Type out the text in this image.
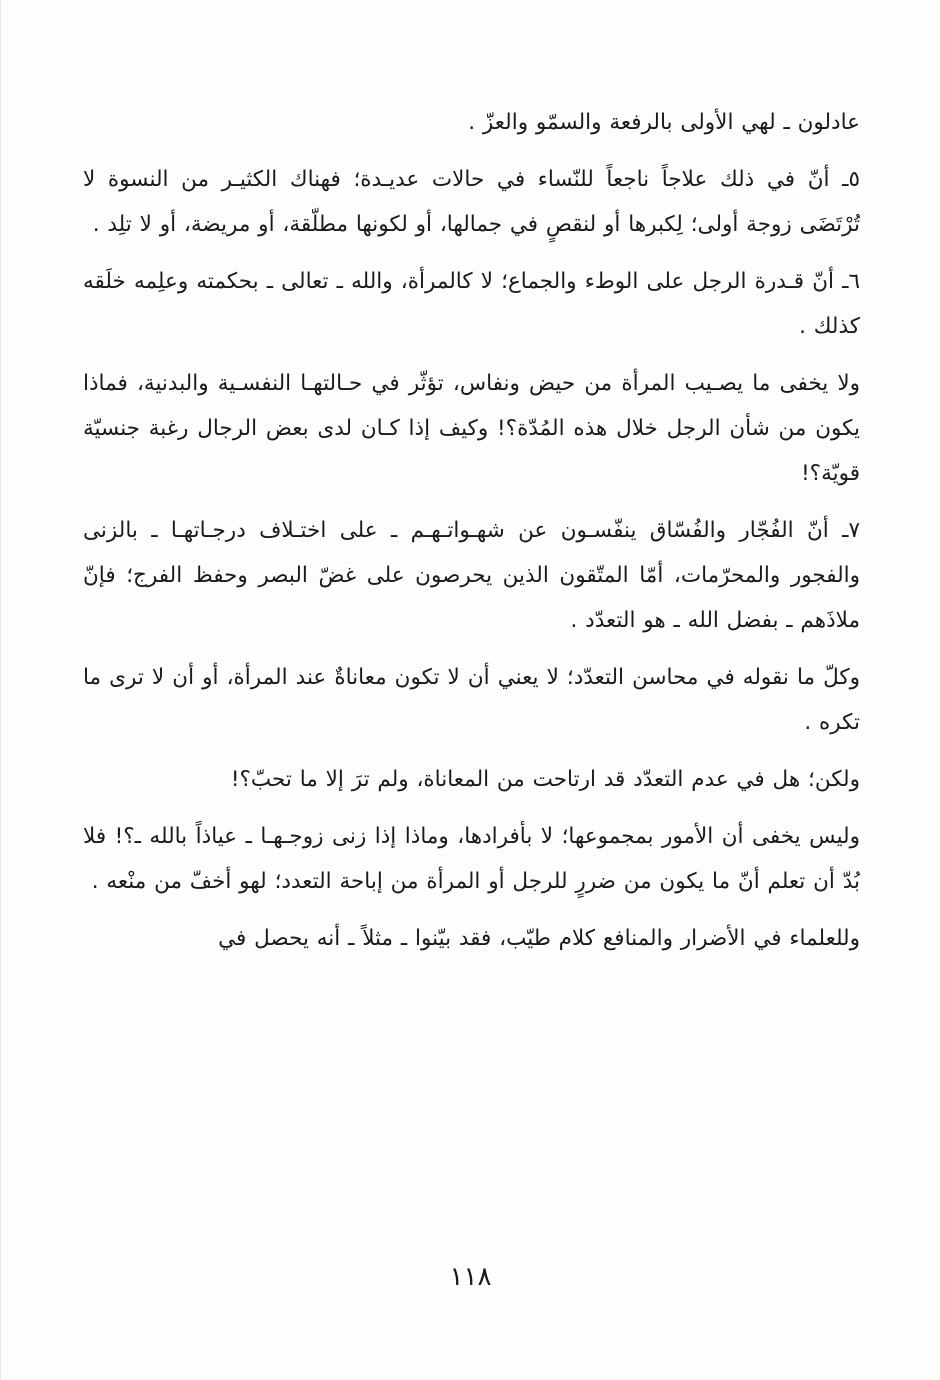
عادلون ـ لهي الأولى بالرفعة والسمّو والعزّ .

٥ـ أنّ في ذلك علاجاً ناجعاً للنّساء في حالات عديـدة؛ فهناك الكثيـر من النسوة لا تُرْتَضَى زوجة أولى؛ لِكبرها أو لنقصٍ في جمالها، أو لكونها مطلّقة، أو مريضة، أو لا تلِد .

٦ـ أنّ قـدرة الرجل على الوطء والجماع؛ لا كالمرأة، والله ـ تعالى ـ بحكمته وعلِمه خلَقه كذلك .

ولا يخفى ما يصـيب المرأة من حيض ونفاس، تؤثّر في حـالتهـا النفسـية والبدنية، فماذا يكون من شأن الرجل خلال هذه المُدّة؟! وكيف إذا كـان لدى بعض الرجال رغبة جنسيّة قويّة؟!

٧ـ أنّ الفُجّار والفُسّاق ينفّسـون عن شهـواتـهـم ـ على اختـلاف درجـاتهـا ـ بالزنى والفجور والمحرّمات، أمّا المتّقون الذين يحرصون على غضّ البصر وحفظ الفرج؛ فإنّ ملاذَهم ـ بفضل الله ـ هو التعدّد .

وكلّ ما نقوله في محاسن التعدّد؛ لا يعني أن لا تكون معاناةٌ عند المرأة، أو أن لا ترى ما تكره .

ولكن؛ هل في عدم التعدّد قد ارتاحت من المعاناة، ولم ترَ إلا ما تحبّ؟!

وليس يخفى أن الأمور بمجموعها؛ لا بأفرادها، وماذا إذا زنى زوجـهـا ـ عياذاً بالله ـ؟! فلا بُدّ أن تعلم أنّ ما يكون من ضررٍ للرجل أو المرأة من إباحة التعدد؛ لهو أخفّ من منْعه .

وللعلماء في الأضرار والمنافع كلام طيّب، فقد بيّنوا ـ مثلاً ـ أنه يحصل في

١١٨
